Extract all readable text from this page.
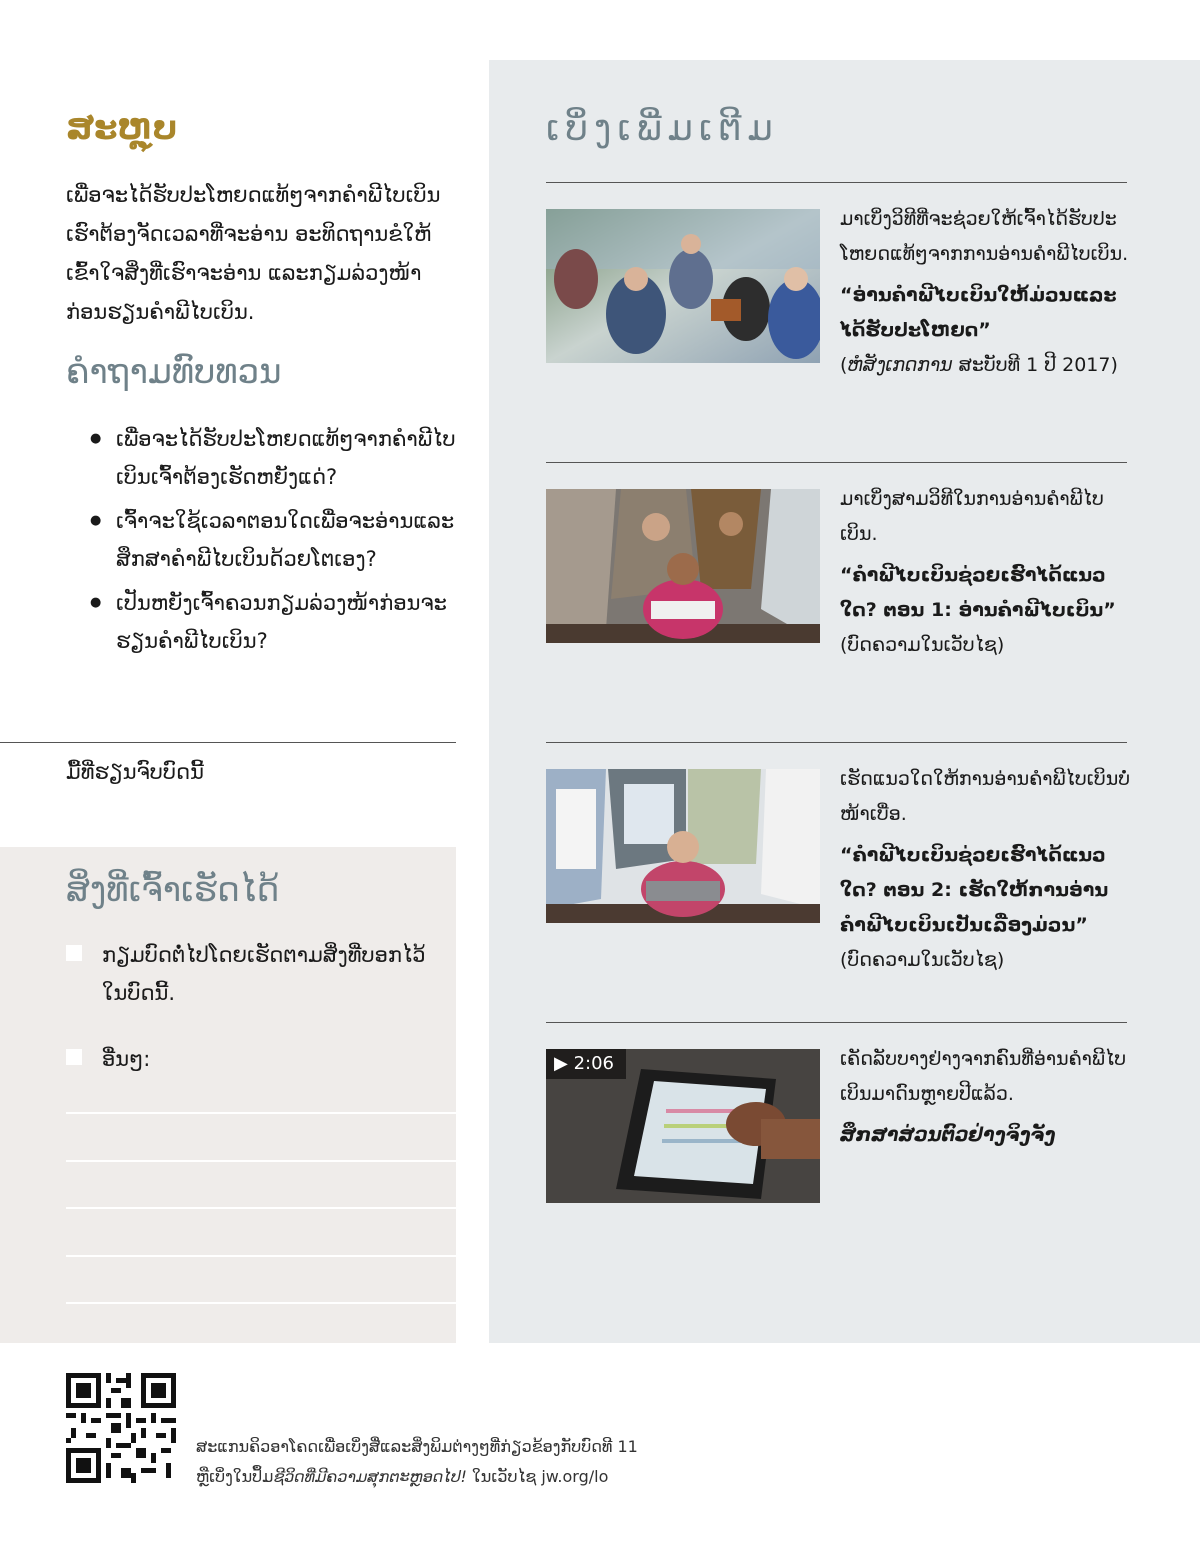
ສະຫຼຸບ
ເພື່ອຈະໄດ້ຮັບປະໂຫຍດແທ້ໆຈາກຄຳພີໄບເບິນເຮົາຕ້ອງຈັດເວລາທີ່ຈະອ່ານ ອະທິດຖານຂໍໃຫ້ເຂົ້າໃຈສິ່ງທີ່ເຮົາຈະອ່ານ ແລະກຽມລ່ວງໜ້າກ່ອນຮຽນຄຳພີໄບເບິນ.
ຄຳຖາມທົບທວນ
● ເພື່ອຈະໄດ້ຮັບປະໂຫຍດແທ້ໆຈາກຄຳພີໄບເບິນເຈົ້າຕ້ອງເຮັດຫຍັງແດ່?
● ເຈົ້າຈະໃຊ້ເວລາຕອນໃດເພື່ອຈະອ່ານແລະສຶກສາຄຳພີໄບເບິນດ້ວຍໂຕເອງ?
● ເປັນຫຍັງເຈົ້າຄວນກຽມລ່ວງໜ້າກ່ອນຈະຮຽນຄຳພີໄບເບິນ?
ມື້ທີ່ຮຽນຈົບບົດນີ້
ສິ່ງທີ່ເຈົ້າເຮັດໄດ້
ກຽມບົດຕໍ່ໄປໂດຍເຮັດຕາມສິ່ງທີ່ບອກໄວ້ໃນບົດນີ້.
ອື່ນໆ:
ເບິ່ງເພີ່ມເຕີມ
ມາເບິ່ງວິທີທີ່ຈະຊ່ວຍໃຫ້ເຈົ້າໄດ້ຮັບປະໂຫຍດແທ້ໆຈາກການອ່ານຄຳພີໄບເບິນ.
“ອ່ານຄຳພີໄບເບິນໃຫ້ມ່ວນແລະໄດ້ຮັບປະໂຫຍດ”
(ຫໍສັງເກດການ ສະບັບທີ 1 ປີ 2017)
ມາເບິ່ງສາມວິທີໃນການອ່ານຄຳພີໄບເບິນ.
“ຄຳພີໄບເບິນຊ່ວຍເຮົາໄດ້ແນວໃດ? ຕອນ 1: ອ່ານຄຳພີໄບເບິນ”
(ບົດຄວາມໃນເວັບໄຊ)
ເຮັດແນວໃດໃຫ້ການອ່ານຄຳພີໄບເບິນບໍ່ໜ້າເບື່ອ.
“ຄຳພີໄບເບິນຊ່ວຍເຮົາໄດ້ແນວໃດ? ຕອນ 2: ເຮັດໃຫ້ການອ່ານຄຳພີໄບເບິນເປັນເລື່ອງມ່ວນ”
(ບົດຄວາມໃນເວັບໄຊ)
▶ 2:06	ເຄັດລັບບາງຢ່າງຈາກຄົນທີ່ອ່ານຄຳພີໄບເບິນມາດົນຫຼາຍປີແລ້ວ.
ສຶກສາສ່ວນຕົວຢ່າງຈິງຈັງ
ສະແກນຄິວອາໂຄດເພື່ອເບິ່ງສື່ແລະສິ່ງພິມຕ່າງໆທີ່ກ່ຽວຂ້ອງກັບບົດທີ 11
ຫຼືເບິ່ງໃນປຶ້ມຊີວິດທີ່ມີຄວາມສຸກຕະຫຼອດໄປ! ໃນເວັບໄຊ jw.org/lo
